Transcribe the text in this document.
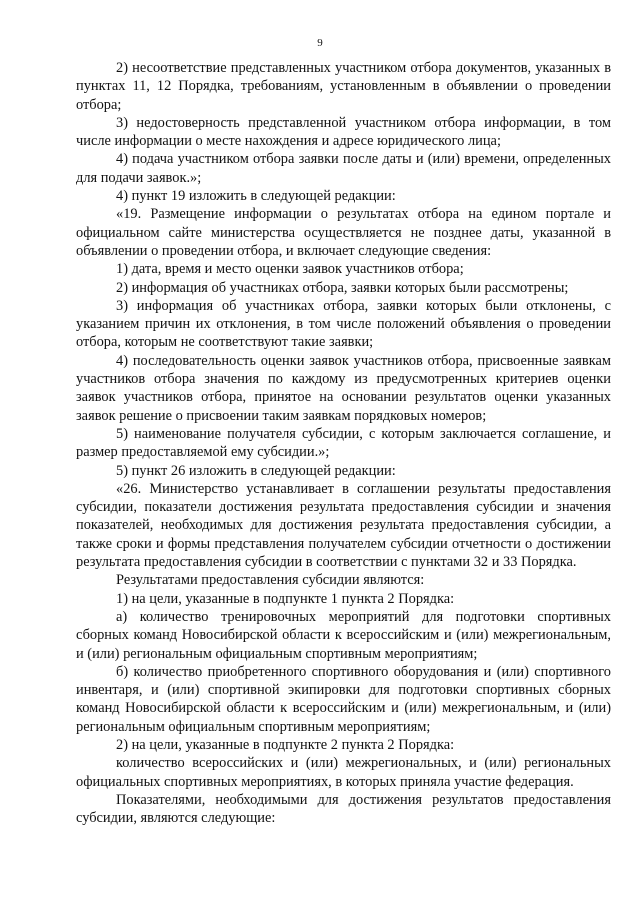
9

2) несоответствие представленных участником отбора документов, указанных в пунктах 11, 12 Порядка, требованиям, установленным в объявлении о проведении отбора;

3) недостоверность представленной участником отбора информации, в том числе информации о месте нахождения и адресе юридического лица;

4) подача участником отбора заявки после даты и (или) времени, определенных для подачи заявок.»;

4) пункт 19 изложить в следующей редакции:

«19. Размещение информации о результатах отбора на едином портале и официальном сайте министерства осуществляется не позднее даты, указанной в объявлении о проведении отбора, и включает следующие сведения:

1) дата, время и место оценки заявок участников отбора;

2) информация об участниках отбора, заявки которых были рассмотрены;

3) информация об участниках отбора, заявки которых были отклонены, с указанием причин их отклонения, в том числе положений объявления о проведении отбора, которым не соответствуют такие заявки;

4) последовательность оценки заявок участников отбора, присвоенные заявкам участников отбора значения по каждому из предусмотренных критериев оценки заявок участников отбора, принятое на основании результатов оценки указанных заявок решение о присвоении таким заявкам порядковых номеров;

5) наименование получателя субсидии, с которым заключается соглашение, и размер предоставляемой ему субсидии.»;

5) пункт 26 изложить в следующей редакции:

«26. Министерство устанавливает в соглашении результаты предоставления субсидии, показатели достижения результата предоставления субсидии и значения показателей, необходимых для достижения результата предоставления субсидии, а также сроки и формы представления получателем субсидии отчетности о достижении результата предоставления субсидии в соответствии с пунктами 32 и 33 Порядка.

Результатами предоставления субсидии являются:

1) на цели, указанные в подпункте 1 пункта 2 Порядка:

а) количество тренировочных мероприятий для подготовки спортивных сборных команд Новосибирской области к всероссийским и (или) межрегиональным, и (или) региональным официальным спортивным мероприятиям;

б) количество приобретенного спортивного оборудования и (или) спортивного инвентаря, и (или) спортивной экипировки для подготовки спортивных сборных команд Новосибирской области к всероссийским и (или) межрегиональным, и (или) региональным официальным спортивным мероприятиям;

2) на цели, указанные в подпункте 2 пункта 2 Порядка:

количество всероссийских и (или) межрегиональных, и (или) региональных официальных спортивных мероприятиях, в которых приняла участие федерация.

Показателями, необходимыми для достижения результатов предоставления субсидии, являются следующие:
